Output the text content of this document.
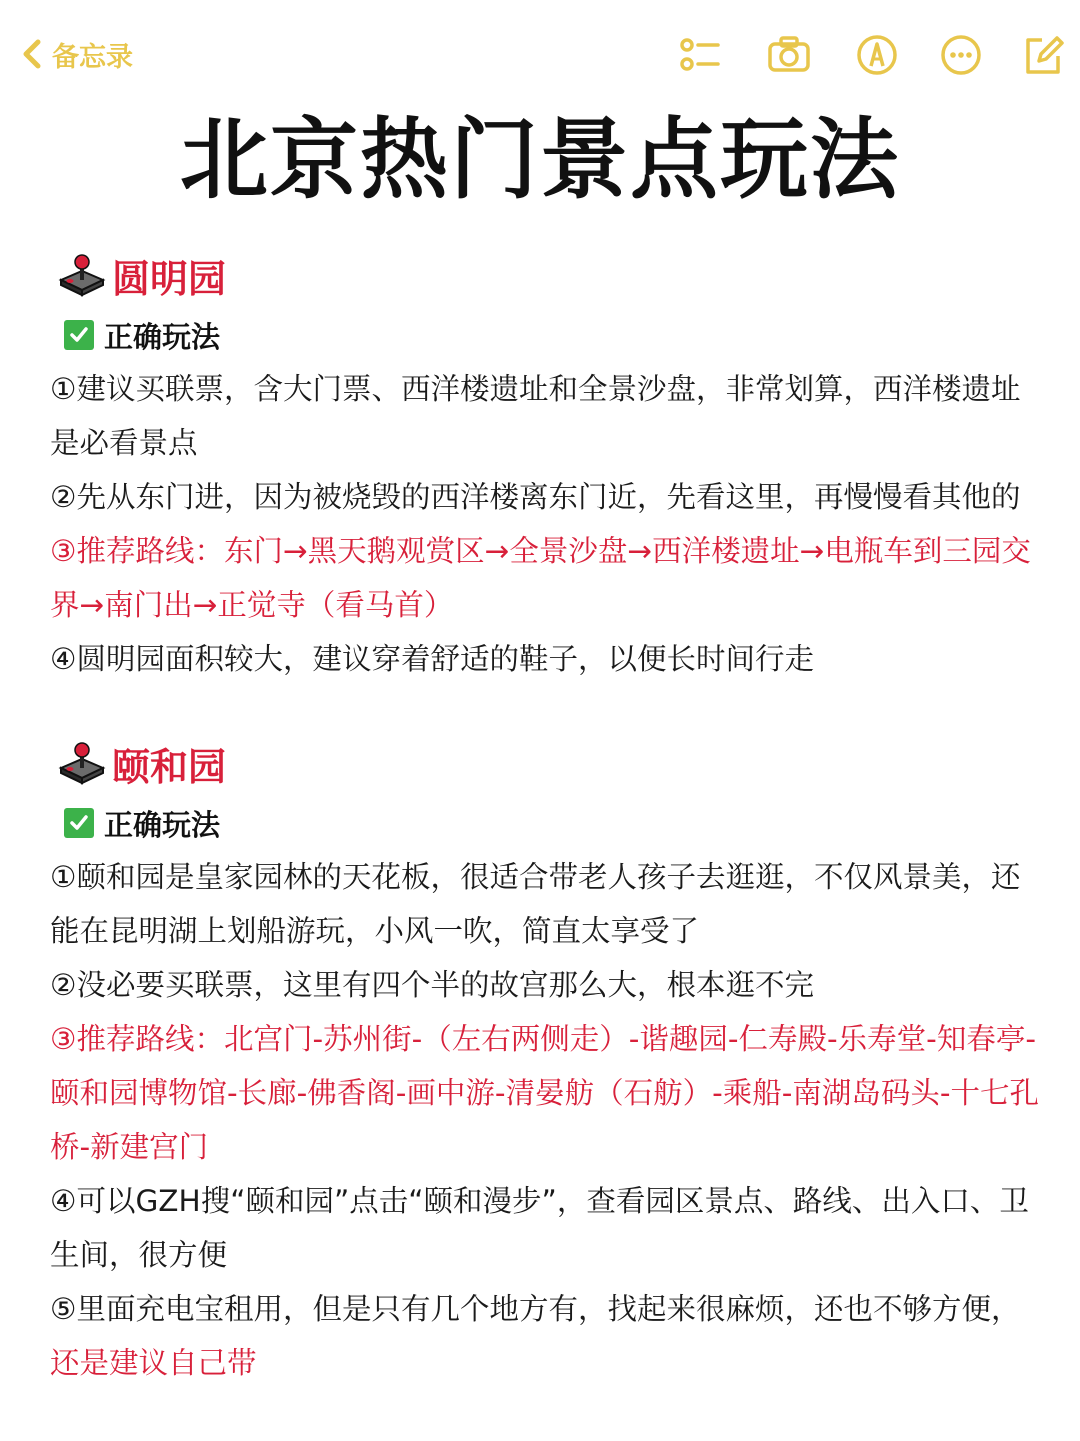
备忘录
北京热门景点玩法
圆明园
正确玩法

①建议买联票，含大门票、西洋楼遗址和全景沙盘，非常划算，西洋楼遗址是必看景点

②先从东门进，因为被烧毁的西洋楼离东门近，先看这里，再慢慢看其他的

③推荐路线：东门→黑天鹅观赏区→全景沙盘→西洋楼遗址→电瓶车到三园交界→南门出→正觉寺（看马首）

④圆明园面积较大，建议穿着舒适的鞋子，以便长时间行走

颐和园
正确玩法

①颐和园是皇家园林的天花板，很适合带老人孩子去逛逛，不仅风景美，还能在昆明湖上划船游玩，小风一吹，简直太享受了

②没必要买联票，这里有四个半的故宫那么大，根本逛不完

③推荐路线：北宫门-苏州街-（左右两侧走）-谐趣园-仁寿殿-乐寿堂-知春亭-颐和园博物馆-长廊-佛香阁-画中游-清晏舫（石舫）-乘船-南湖岛码头-十七孔桥-新建宫门

④可以GZH搜“颐和园”点击“颐和漫步”，查看园区景点、路线、出入口、卫生间，很方便

⑤里面充电宝租用，但是只有几个地方有，找起来很麻烦，还也不够方便，还是建议自己带
